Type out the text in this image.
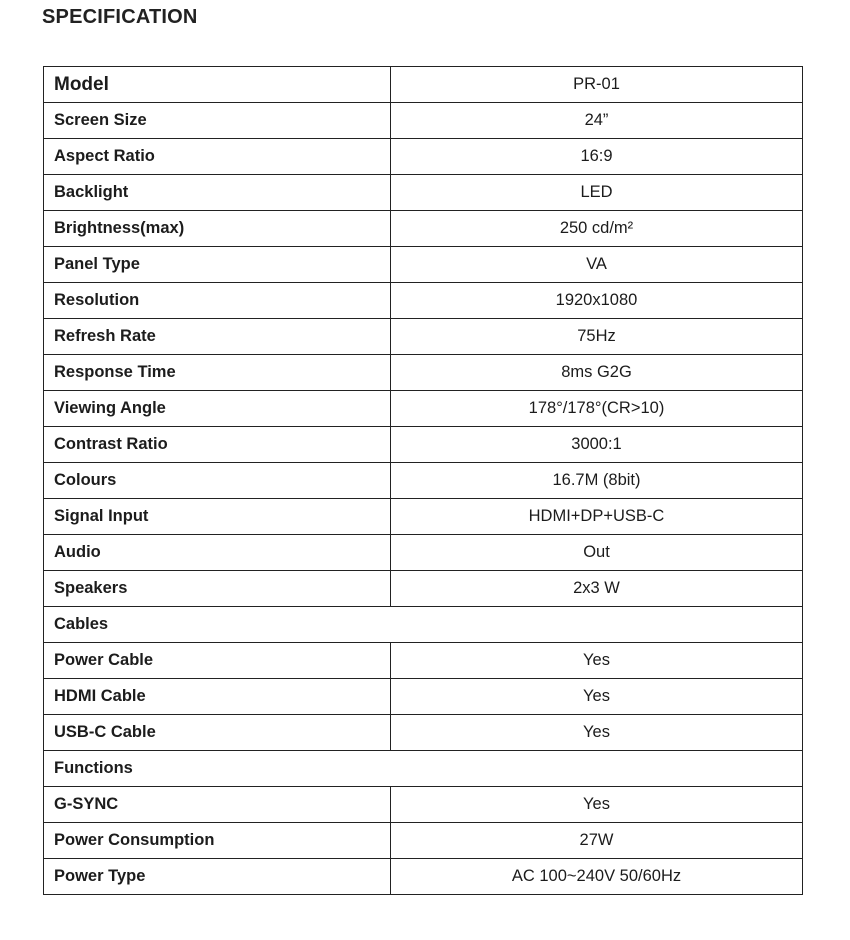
SPECIFICATION
Model	PR-01
Screen Size	24”
Aspect Ratio	16:9
Backlight	LED
Brightness(max)	250 cd/m²
Panel Type	VA
Resolution	1920x1080
Refresh Rate	75Hz
Response Time	8ms G2G
Viewing Angle	178°/178°(CR>10)
Contrast Ratio	3000:1
Colours	16.7M (8bit)
Signal Input	HDMI+DP+USB-C
Audio	Out
Speakers	2x3 W
Cables	
Power Cable	Yes
HDMI Cable	Yes
USB-C Cable	Yes
Functions	
G-SYNC	Yes
Power Consumption	27W
Power Type	AC 100~240V 50/60Hz
